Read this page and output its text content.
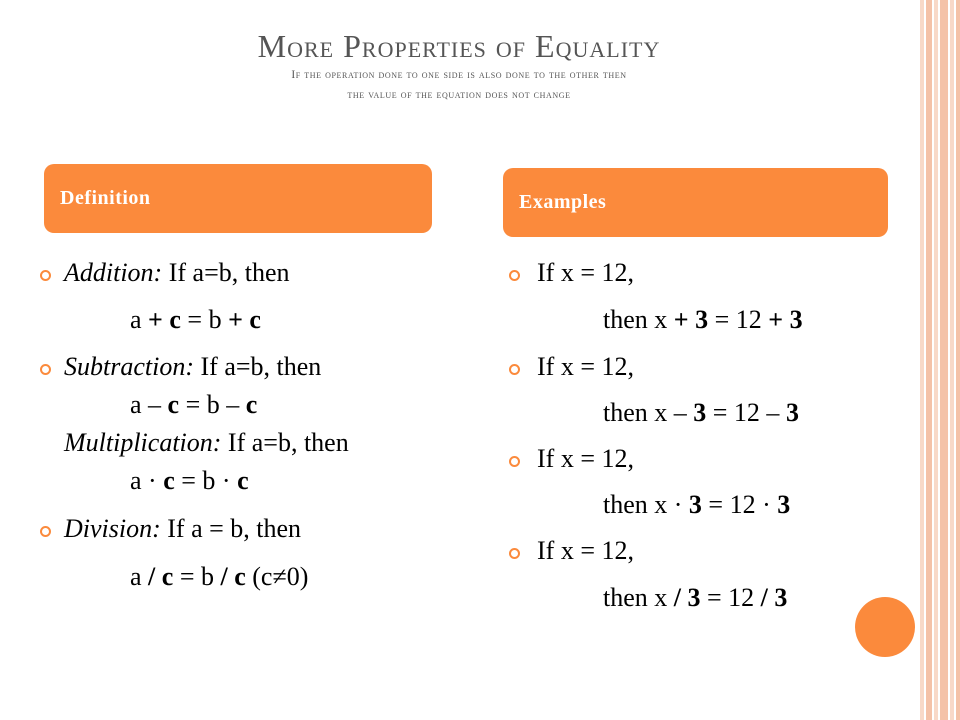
More Properties of Equality
If the operation done to one side is also done to the other then
the value of the equation does not change
Definition	Examples
Addition: If a=b, then
a + c = b + c
Subtraction: If a=b, then
a – c = b – c
Multiplication: If a=b, then
a · c = b · c
Division: If a = b, then
a / c = b / c (c≠0)
If x = 12,
then x + 3 = 12 + 3
If x = 12,
then x – 3 = 12 – 3
If x = 12,
then x · 3 = 12 · 3
If x = 12,
then x / 3 = 12 / 3
